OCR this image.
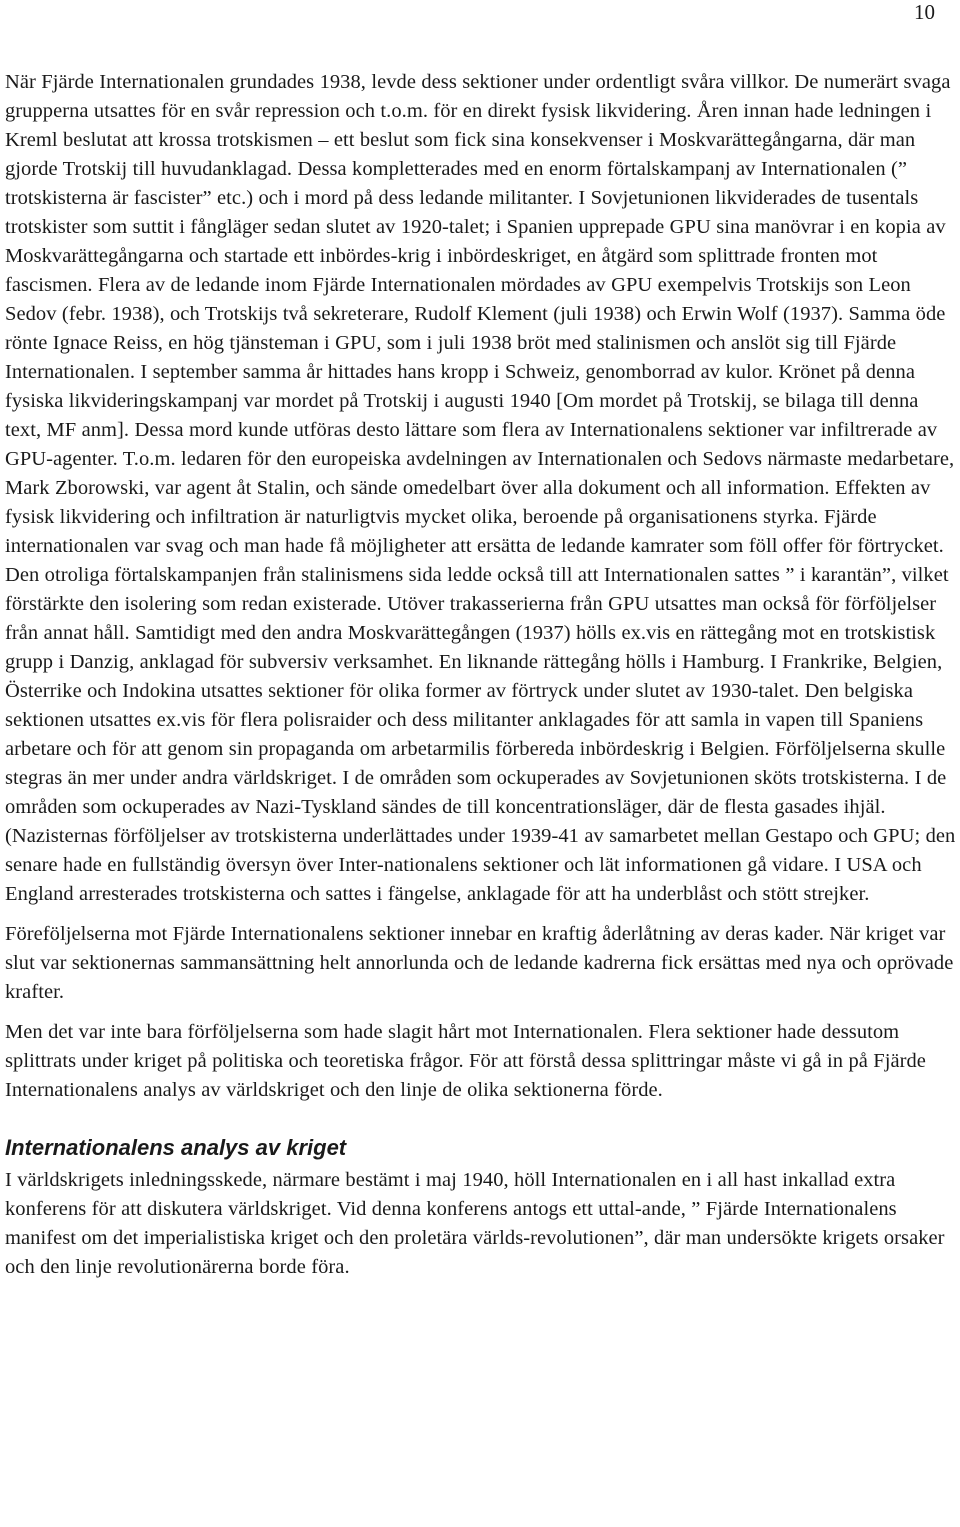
10

När Fjärde Internationalen grundades 1938, levde dess sektioner under ordentligt svåra villkor. De numerärt svaga grupperna utsattes för en svår repression och t.o.m. för en direkt fysisk likvidering. Åren innan hade ledningen i Kreml beslutat att krossa trotskismen – ett beslut som fick sina konsekvenser i Moskvarättegångarna, där man gjorde Trotskij till huvudanklagad. Dessa kompletterades med en enorm förtalskampanj av Internationalen (” trotskisterna är fascister” etc.) och i mord på dess ledande militanter. I Sovjetunionen likviderades de tusentals trotskister som suttit i fångläger sedan slutet av 1920-talet; i Spanien upprepade GPU sina manövrar i en kopia av Moskvarättegångarna och startade ett inbördes-krig i inbördeskriget, en åtgärd som splittrade fronten mot fascismen. Flera av de ledande inom Fjärde Internationalen mördades av GPU exempelvis Trotskijs son Leon Sedov (febr. 1938), och Trotskijs två sekreterare, Rudolf Klement (juli 1938) och Erwin Wolf (1937). Samma öde rönte Ignace Reiss, en hög tjänsteman i GPU, som i juli 1938 bröt med stalinismen och anslöt sig till Fjärde Internationalen. I september samma år hittades hans kropp i Schweiz, genomborrad av kulor. Krönet på denna fysiska likvideringskampanj var mordet på Trotskij i augusti 1940 [Om mordet på Trotskij, se bilaga till denna text, MF anm]. Dessa mord kunde utföras desto lättare som flera av Internationalens sektioner var infiltrerade av GPU-agenter. T.o.m. ledaren för den europeiska avdelningen av Internationalen och Sedovs närmaste medarbetare, Mark Zborowski, var agent åt Stalin, och sände omedelbart över alla dokument och all information. Effekten av fysisk likvidering och infiltration är naturligtvis mycket olika, beroende på organisationens styrka. Fjärde internationalen var svag och man hade få möjligheter att ersätta de ledande kamrater som föll offer för förtrycket. Den otroliga förtalskampanjen från stalinismens sida ledde också till att Internationalen sattes ” i karantän”, vilket förstärkte den isolering som redan existerade. Utöver trakasserierna från GPU utsattes man också för förföljelser från annat håll. Samtidigt med den andra Moskvarättegången (1937) hölls ex.vis en rättegång mot en trotskistisk grupp i Danzig, anklagad för subversiv verksamhet. En liknande rättegång hölls i Hamburg. I Frankrike, Belgien, Österrike och Indokina utsattes sektioner för olika former av förtryck under slutet av 1930-talet. Den belgiska sektionen utsattes ex.vis för flera polisraider och dess militanter anklagades för att samla in vapen till Spaniens arbetare och för att genom sin propaganda om arbetarmilis förbereda inbördeskrig i Belgien. Förföljelserna skulle stegras än mer under andra världskriget. I de områden som ockuperades av Sovjetunionen sköts trotskisterna. I de områden som ockuperades av Nazi-Tyskland sändes de till koncentrationsläger, där de flesta gasades ihjäl. (Nazisternas förföljelser av trotskisterna underlättades under 1939-41 av samarbetet mellan Gestapo och GPU; den senare hade en fullständig översyn över Inter-nationalens sektioner och lät informationen gå vidare. I USA och England arresterades trotskisterna och sattes i fängelse, anklagade för att ha underblåst och stött strejker.

Föreföljelserna mot Fjärde Internationalens sektioner innebar en kraftig åderlåtning av deras kader. När kriget var slut var sektionernas sammansättning helt annorlunda och de ledande kadrerna fick ersättas med nya och oprövade krafter.

Men det var inte bara förföljelserna som hade slagit hårt mot Internationalen. Flera sektioner hade dessutom splittrats under kriget på politiska och teoretiska frågor. För att förstå dessa splittringar måste vi gå in på Fjärde Internationalens analys av världskriget och den linje de olika sektionerna förde.

Internationalens analys av kriget

I världskrigets inledningsskede, närmare bestämt i maj 1940, höll Internationalen en i all hast inkallad extra konferens för att diskutera världskriget. Vid denna konferens antogs ett uttal-ande, ” Fjärde Internationalens manifest om det imperialistiska kriget och den proletära världs-revolutionen”, där man undersökte krigets orsaker och den linje revolutionärerna borde föra.
